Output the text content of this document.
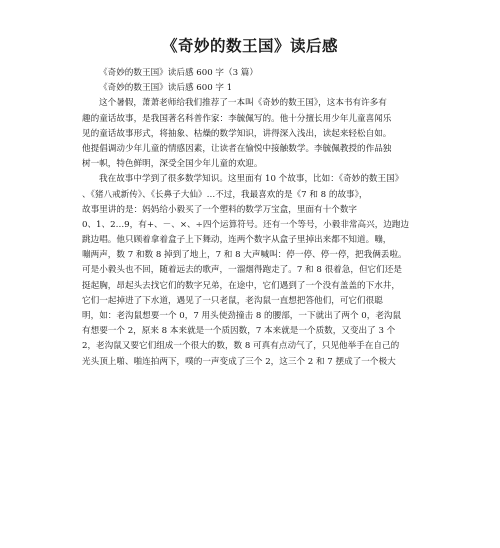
《奇妙的数王国》读后感
《奇妙的数王国》读后感 600 字（3 篇）
《奇妙的数王国》读后感 600 字 1
这个暑假，萧萧老师给我们推荐了一本叫《奇妙的数王国》，这本书有许多有
趣的童话故事，是我国著名科普作家：李毓佩写的。他十分擅长用少年儿童喜闻乐
见的童话故事形式，将抽象、枯燥的数学知识，讲得深入浅出，读起来轻松自如。
他提倡调动少年儿童的情感因素，让读者在愉悦中接触数学。李毓佩教授的作品独
树一帜，特色鲜明，深受全国少年儿童的欢迎。
我在故事中学到了很多数学知识。这里面有 10 个故事，比如：《奇妙的数王国》
、《猪八戒新传》、《长鼻子大仙》…不过，我最喜欢的是《7 和 8 的故事》，
故事里讲的是：妈妈给小毅买了一个塑料的数学万宝盒，里面有十个数字
0、1、2…9，有+、－、×、÷四个运算符号。还有一个等号，小毅非常高兴，边跑边
跳边唱。他只顾着拿着盒子上下舞动，连两个数字从盒子里掉出来都不知道。嘣，
嘣两声，数 7 和数 8 掉到了地上，7 和 8 大声喊叫：停一停、停一停，把我俩丢啦。
可是小毅头也不回，随着远去的歌声，一溜烟得跑走了。7 和 8 很着急，但它们还是
挺起胸，昂起头去找它们的数字兄弟，在途中，它们遇到了一个没有盖盖的下水井，
它们一起掉进了下水道，遇见了一只老鼠，老沟鼠一直想把答他们，可它们很聪
明，如：老沟鼠想要一个 0，7 用头使劲撞击 8 的腰部，一下就出了两个 0，老沟鼠
有想要一个 2，原来 8 本来就是一个质因数，7 本来就是一个质数，又变出了 3 个
2，老沟鼠又要它们组成一个很大的数，数 8 可真有点动气了，只见他举手在自己的
光头顶上啪、啪连拍两下，噗的一声变成了三个 2，这三个 2 和 7 摆成了一个极大
